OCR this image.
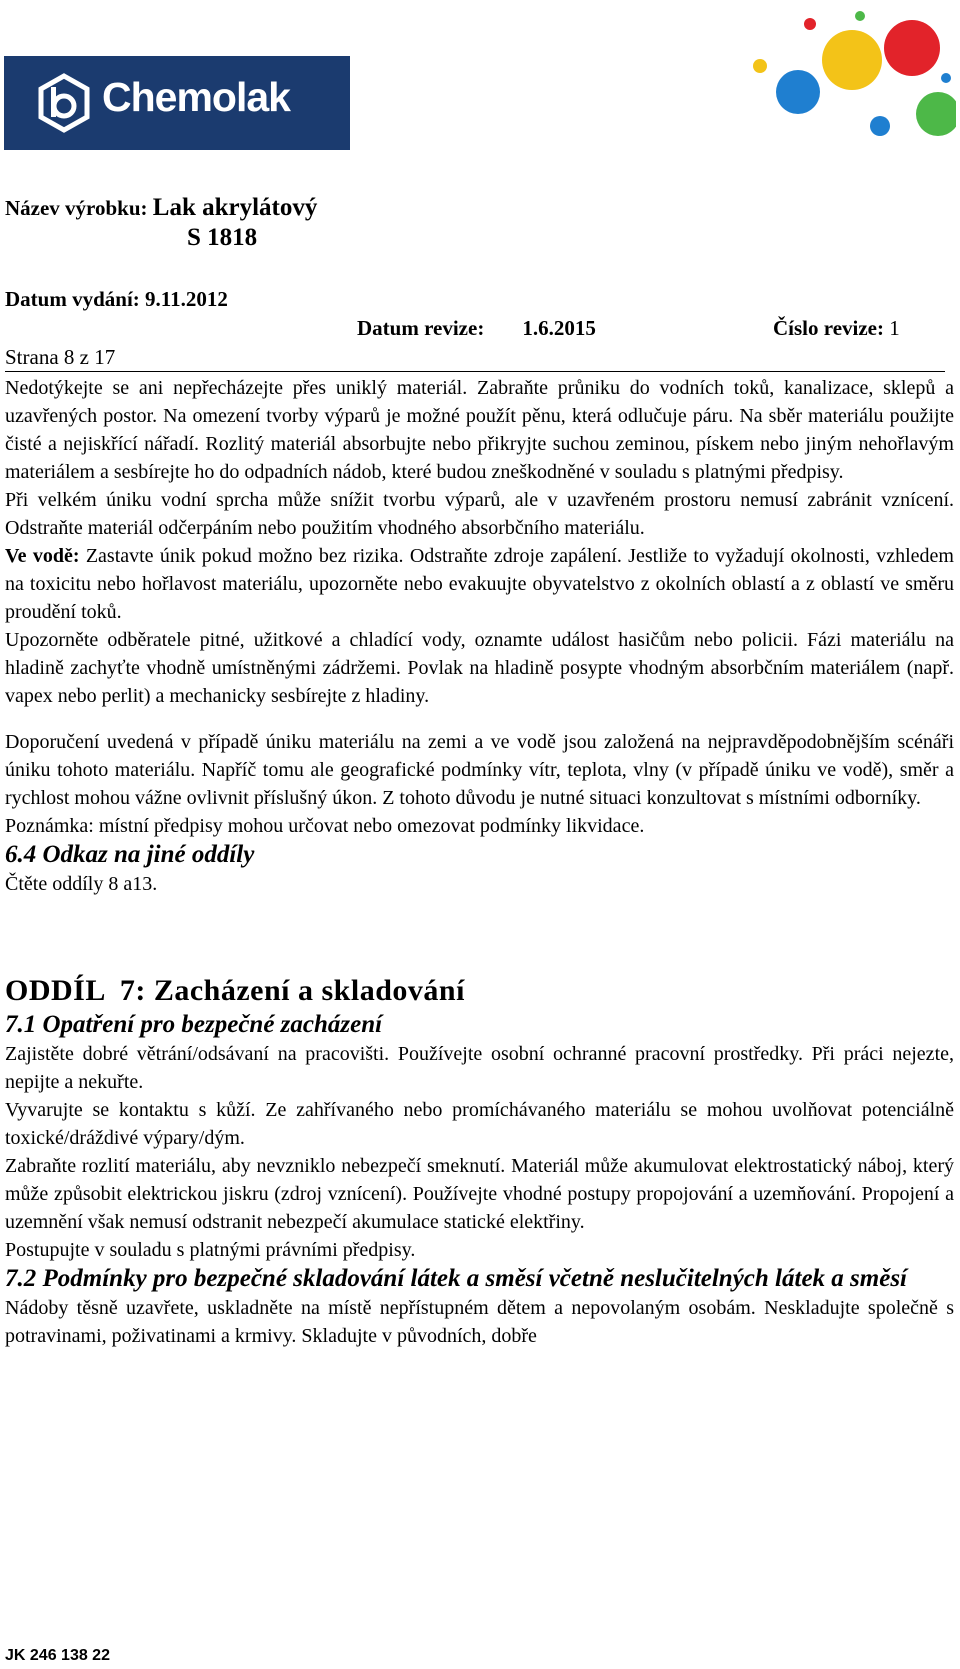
Chemolak
Název výrobku: Lak akrylátový
S 1818
Datum vydání: 9.11.2012
Datum revize: 1.6.2015	Číslo revize: 1
Strana 8 z 17

Nedotýkejte se ani nepřecházejte přes uniklý materiál. Zabraňte průniku do vodních toků, kanalizace, sklepů a uzavřených postor. Na omezení tvorby výparů je možné použít pěnu, která odlučuje páru. Na sběr materiálu použijte čisté a nejiskřící nářadí. Rozlitý materiál absorbujte nebo přikryjte suchou zeminou, pískem nebo jiným nehořlavým materiálem a sesbírejte ho do odpadních nádob, které budou zneškodněné v souladu s platnými předpisy.

Při velkém úniku vodní sprcha může snížit tvorbu výparů, ale v uzavřeném prostoru nemusí zabránit vznícení. Odstraňte materiál odčerpáním nebo použitím vhodného absorbčního materiálu.

Ve vodě: Zastavte únik pokud možno bez rizika. Odstraňte zdroje zapálení. Jestliže to vyžadují okolnosti, vzhledem na toxicitu nebo hořlavost materiálu, upozorněte nebo evakuujte obyvatelstvo z okolních oblastí a z oblastí ve směru proudění toků.

Upozorněte odběratele pitné, užitkové a chladící vody, oznamte událost hasičům nebo policii. Fázi materiálu na hladině zachyťte vhodně umístněnými zádržemi. Povlak na hladině posypte vhodným absorbčním materiálem (např. vapex nebo perlit) a mechanicky sesbírejte z hladiny.

Doporučení uvedená v případě úniku materiálu na zemi a ve vodě jsou založená na nejpravděpodobnějším scénáři úniku tohoto materiálu. Napříč tomu ale geografické podmínky vítr, teplota, vlny (v případě úniku ve vodě), směr a rychlost mohou vážne ovlivnit příslušný úkon. Z tohoto důvodu je nutné situaci konzultovat s místními odborníky.

Poznámka: místní předpisy mohou určovat nebo omezovat podmínky likvidace.

6.4 Odkaz na jiné oddíly

Čtěte oddíly 8 a13.

ODDÍL 7: Zacházení a skladování

7.1 Opatření pro bezpečné zacházení

Zajistěte dobré větrání/odsávaní na pracovišti. Používejte osobní ochranné pracovní prostředky. Při práci nejezte, nepijte a nekuřte.

Vyvarujte se kontaktu s kůží. Ze zahřívaného nebo promíchávaného materiálu se mohou uvolňovat potenciálně toxické/dráždivé výpary/dým.

Zabraňte rozlití materiálu, aby nevzniklo nebezpečí smeknutí. Materiál může akumulovat elektrostatický náboj, který může způsobit elektrickou jiskru (zdroj vznícení). Používejte vhodné postupy propojování a uzemňování. Propojení a uzemnění však nemusí odstranit nebezpečí akumulace statické elektřiny.

Postupujte v souladu s platnými právními předpisy.

7.2 Podmínky pro bezpečné skladování látek a směsí včetně neslučitelných látek a směsí

Nádoby těsně uzavřete, uskladněte na místě nepřístupném dětem a nepovolaným osobám. Neskladujte společně s potravinami, poživatinami a krmivy. Skladujte v původních, dobře

JK 246 138 22
